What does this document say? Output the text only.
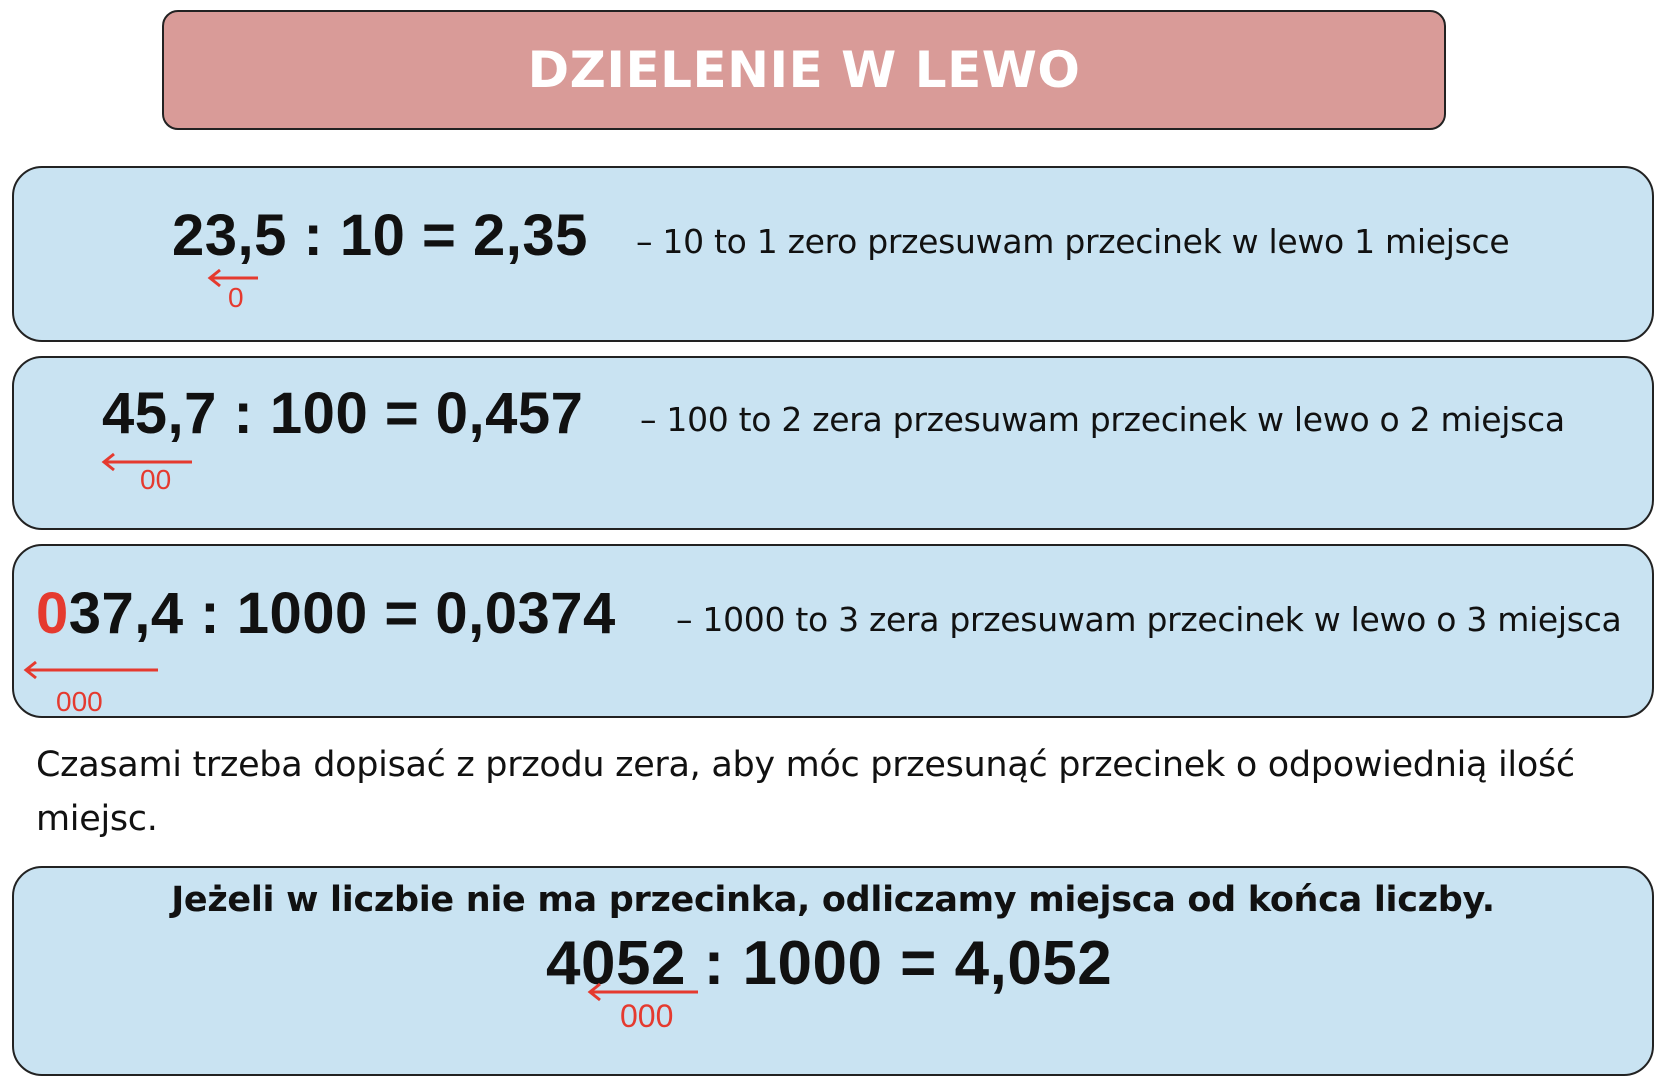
DZIELENIE W LEWO
23,5 : 10 = 2,35 – 10 to 1 zero przesuwam przecinek w lewo 1 miejsce
0
45,7 : 100 = 0,457 – 100 to 2 zera przesuwam przecinek w lewo o 2 miejsca
00
037,4 : 1000 = 0,0374 – 1000 to 3 zera przesuwam przecinek w lewo o 3 miejsca
000
Czasami trzeba dopisać z przodu zera, aby móc przesunąć przecinek o odpowiednią ilość miejsc.
Jeżeli w liczbie nie ma przecinka, odliczamy miejsca od końca liczby.
4052 : 1000 = 4,052
000
